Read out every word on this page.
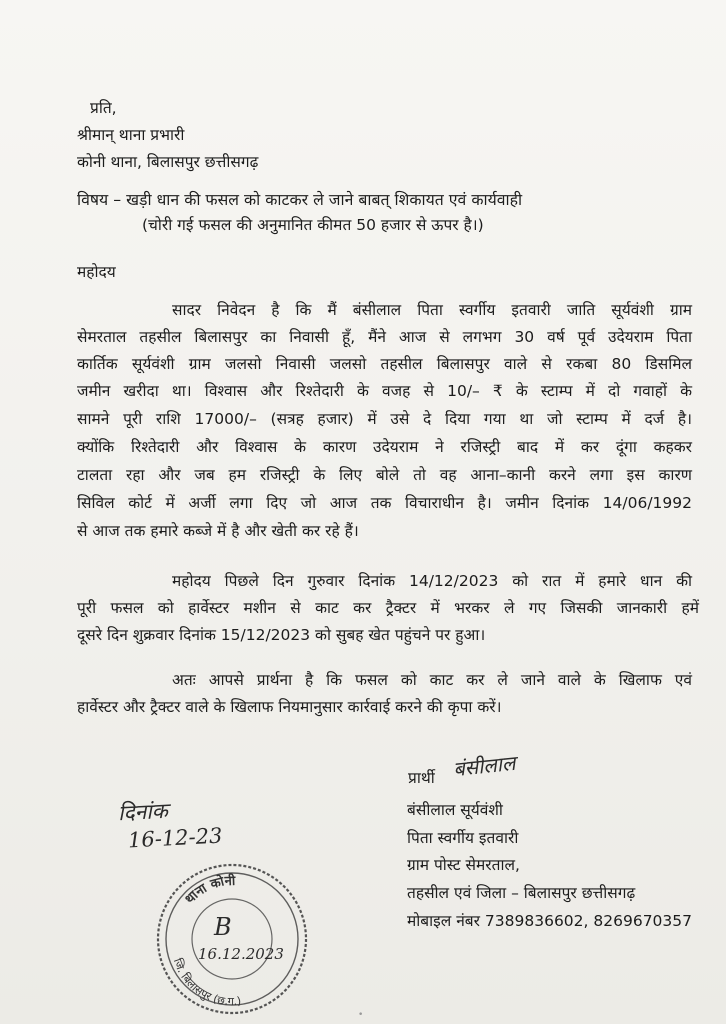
प्रति,
श्रीमान् थाना प्रभारी
कोनी थाना, बिलासपुर छत्तीसगढ़
विषय – खड़ी धान की फसल को काटकर ले जाने बाबत् शिकायत एवं कार्यवाही
(चोरी गई फसल की अनुमानित कीमत 50 हजार से ऊपर है।)
महोदय
सादर निवेदन है कि मैं बंसीलाल पिता स्वर्गीय इतवारी जाति सूर्यवंशी ग्राम
सेमरताल तहसील बिलासपुर का निवासी हूँ, मैंने आज से लगभग 30 वर्ष पूर्व उदेयराम पिता
कार्तिक सूर्यवंशी ग्राम जलसो निवासी जलसो तहसील बिलासपुर वाले से रकबा 80 डिसमिल
जमीन खरीदा था। विश्वास और रिश्तेदारी के वजह से 10/– ₹ के स्टाम्प में दो गवाहों के
सामने पूरी राशि 17000/– (सत्रह हजार) में उसे दे दिया गया था जो स्टाम्प में दर्ज है।
क्योंकि रिश्तेदारी और विश्वास के कारण उदेयराम ने रजिस्ट्री बाद में कर दूंगा कहकर
टालता रहा और जब हम रजिस्ट्री के लिए बोले तो वह आना–कानी करने लगा इस कारण
सिविल कोर्ट में अर्जी लगा दिए जो आज तक विचाराधीन है। जमीन दिनांक 14/06/1992
से आज तक हमारे कब्जे में है और खेती कर रहे हैं।
महोदय पिछले दिन गुरुवार दिनांक 14/12/2023 को रात में हमारे धान की
पूरी फसल को हार्वेस्टर मशीन से काट कर ट्रैक्टर में भरकर ले गए जिसकी जानकारी हमें
दूसरे दिन शुक्रवार दिनांक 15/12/2023 को सुबह खेत पहुंचने पर हुआ।
अतः आपसे प्रार्थना है कि फसल को काट कर ले जाने वाले के खिलाफ एवं
हार्वेस्टर और ट्रैक्टर वाले के खिलाफ नियमानुसार कार्रवाई करने की कृपा करें।
प्रार्थी बंसीलाल
बंसीलाल सूर्यवंशी
पिता स्वर्गीय इतवारी
ग्राम पोस्ट सेमरताल,
तहसील एवं जिला – बिलासपुर छत्तीसगढ़
मोबाइल नंबर 7389836602, 8269670357
दिनांक
16-12-23
थाना कोनी
जि. बिलासपुर (छ.ग.)
B
16.12.2023
•
